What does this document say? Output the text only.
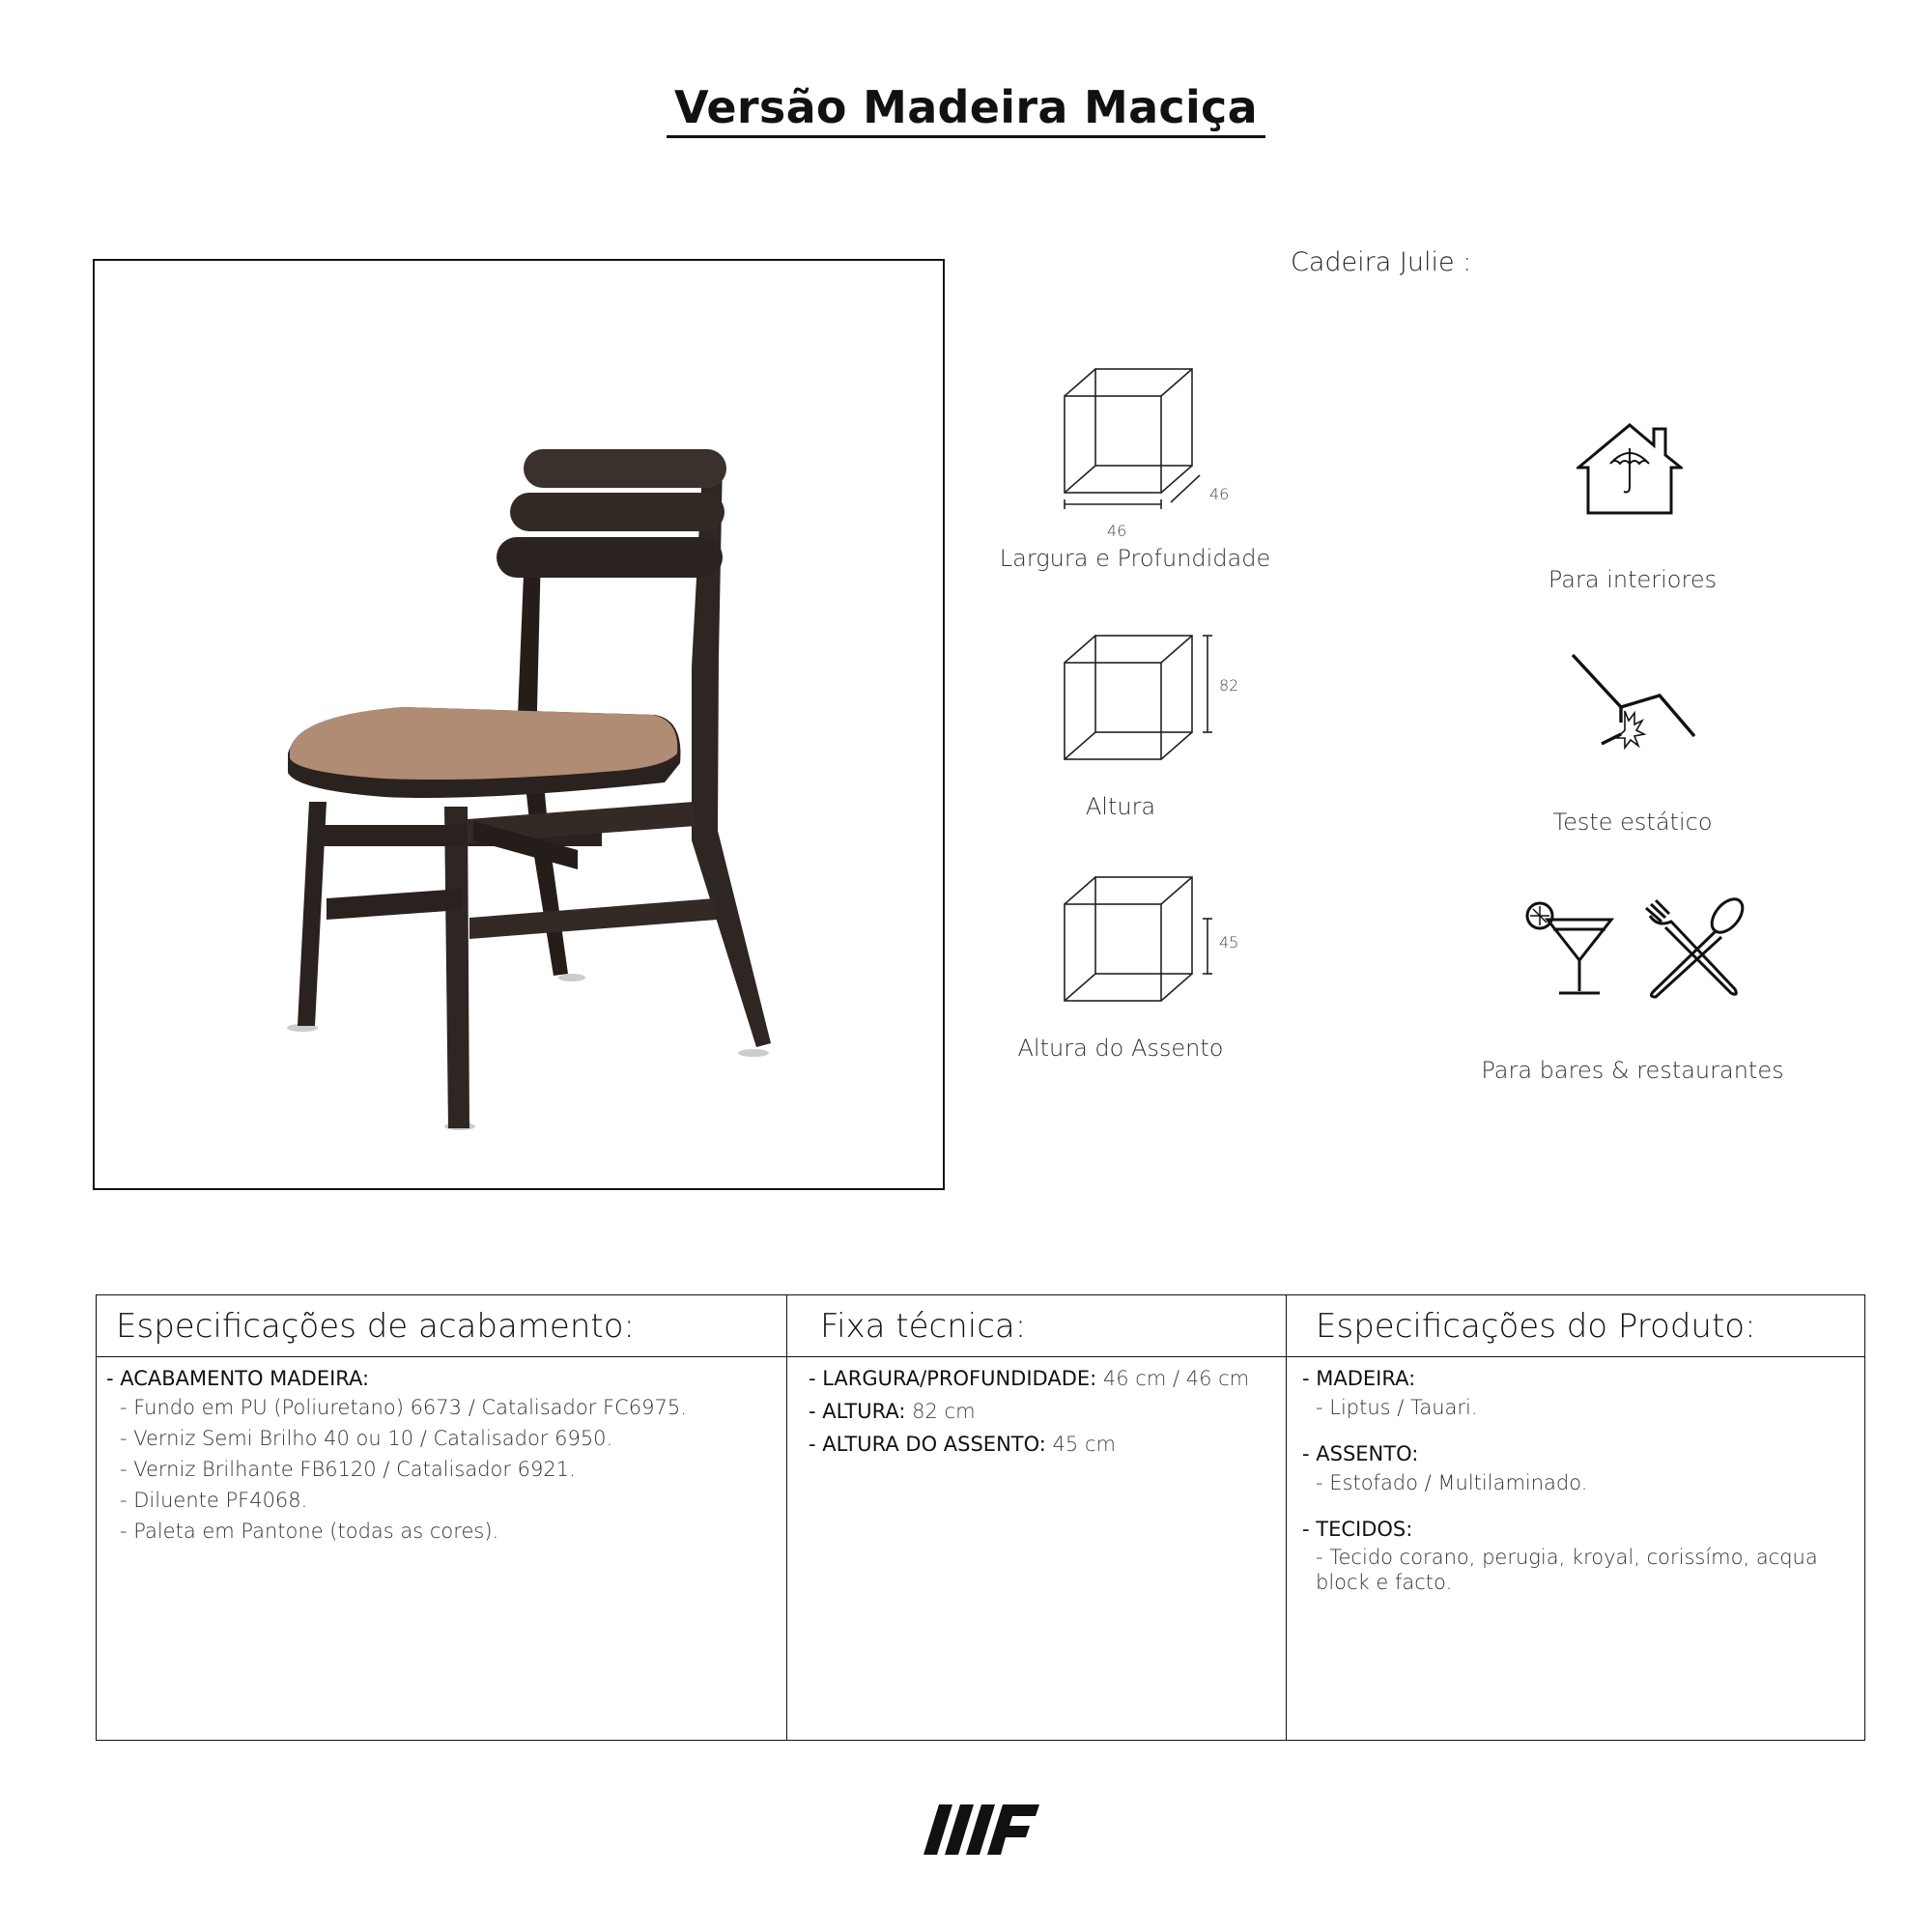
Versão Madeira Maciça
Cadeira Julie :
46
46
Largura e Profundidade
82
Altura
45
Altura do Assento
Para interiores
Teste estático
Para bares & restaurantes
Especificações de acabamento:
- ACABAMENTO MADEIRA:
- Fundo em PU (Poliuretano) 6673 / Catalisador FC6975.
- Verniz Semi Brilho 40 ou 10 / Catalisador 6950.
- Verniz Brilhante FB6120 / Catalisador 6921.
- Diluente PF4068.
- Paleta em Pantone (todas as cores).
Fixa técnica:
- LARGURA/PROFUNDIDADE: 46 cm / 46 cm
- ALTURA: 82 cm
- ALTURA DO ASSENTO: 45 cm
Especificações do Produto:
- MADEIRA:
- Liptus / Tauari.
- ASSENTO:
- Estofado / Multilaminado.
- TECIDOS:
- Tecido corano, perugia, kroyal, corissímo, acqua block e facto.
